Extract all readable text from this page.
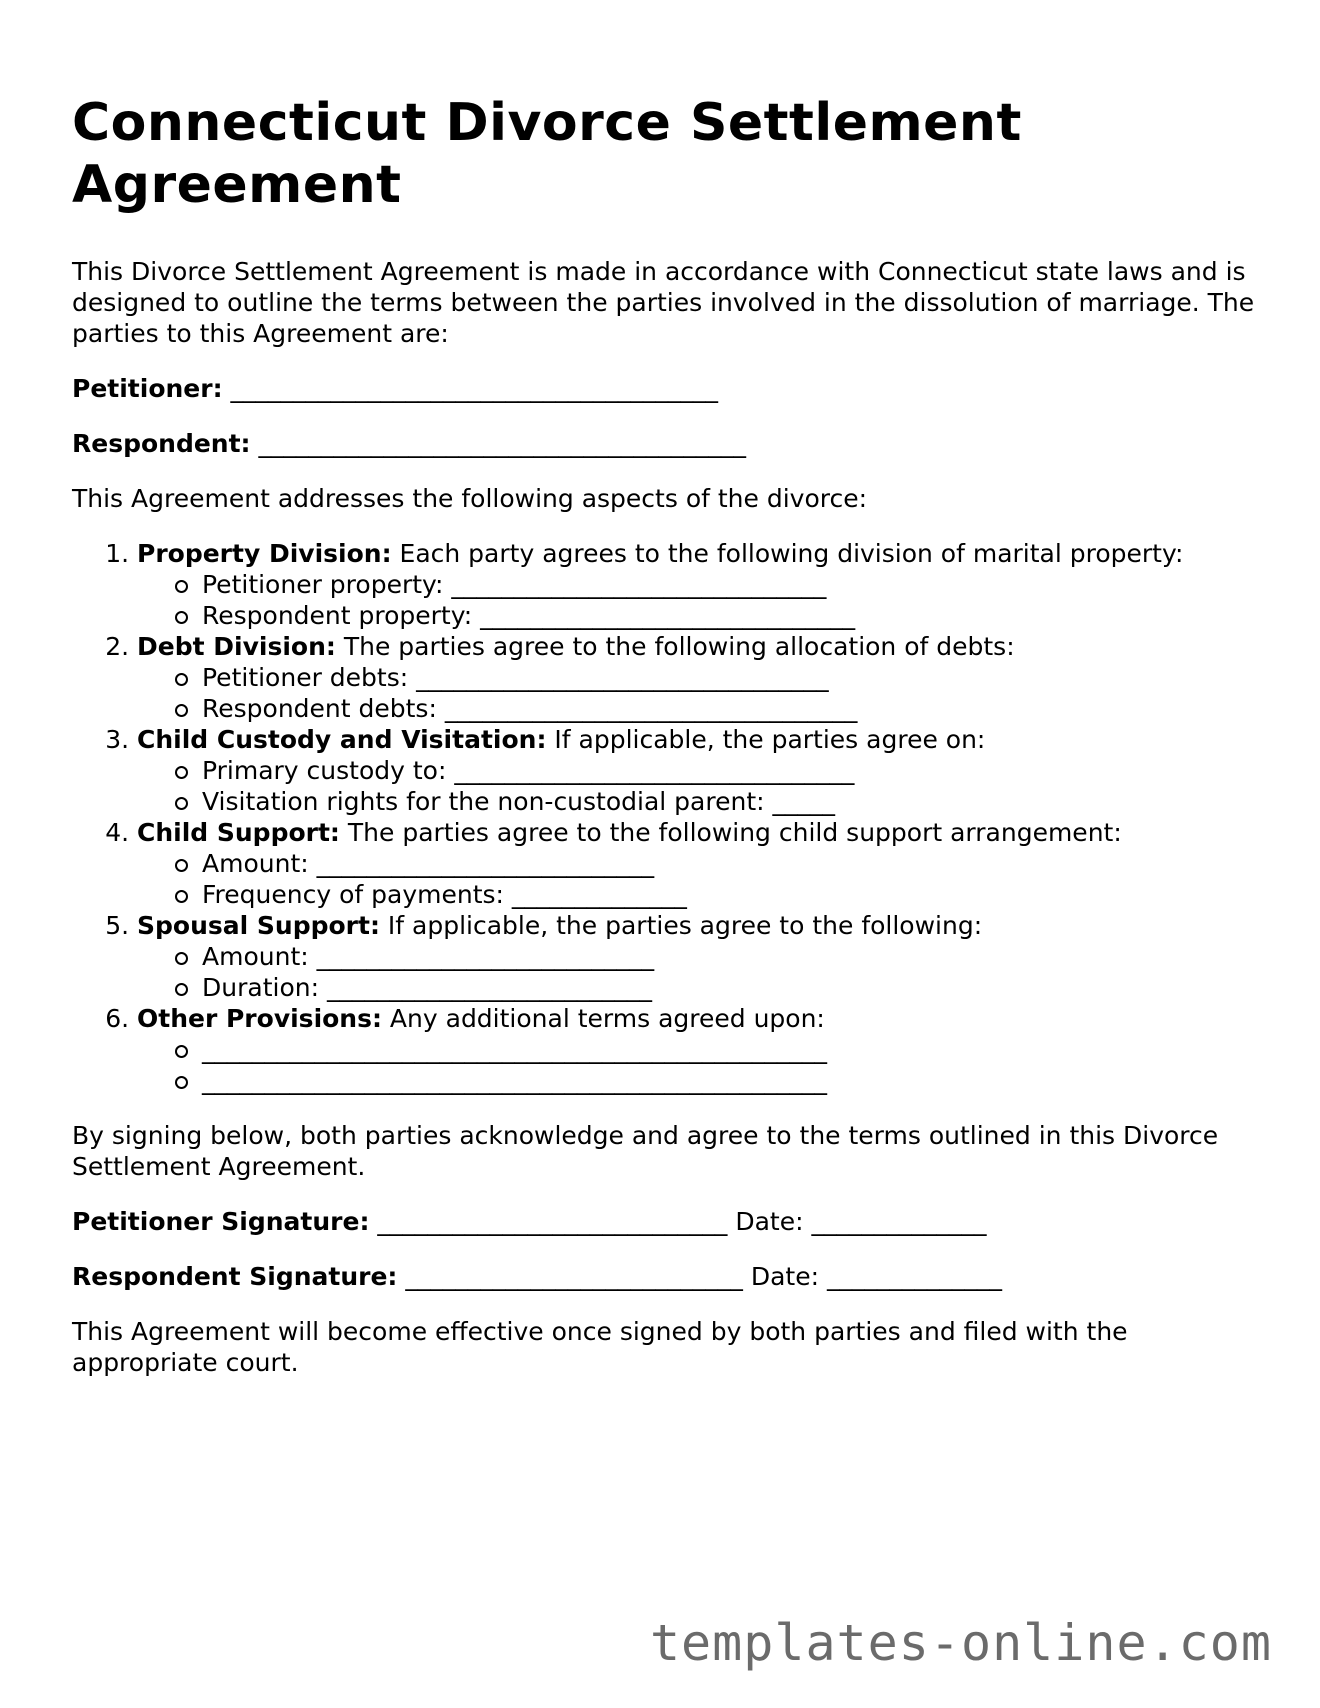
Connecticut Divorce Settlement Agreement

This Divorce Settlement Agreement is made in accordance with Connecticut state laws and is designed to outline the terms between the parties involved in the dissolution of marriage. The parties to this Agreement are:

Petitioner: _______________________________________

Respondent: _______________________________________

This Agreement addresses the following aspects of the divorce:

1. Property Division: Each party agrees to the following division of marital property:
Petitioner property: ______________________________
Respondent property: ______________________________
2. Debt Division: The parties agree to the following allocation of debts:
Petitioner debts: _________________________________
Respondent debts: _________________________________
3. Child Custody and Visitation: If applicable, the parties agree on:
Primary custody to: ________________________________
Visitation rights for the non-custodial parent: _____
4. Child Support: The parties agree to the following child support arrangement:
Amount: ___________________________
Frequency of payments: ______________
5. Spousal Support: If applicable, the parties agree to the following:
Amount: ___________________________
Duration: __________________________
6. Other Provisions: Any additional terms agreed upon:
__________________________________________________
__________________________________________________

By signing below, both parties acknowledge and agree to the terms outlined in this Divorce Settlement Agreement.

Petitioner Signature: ____________________________ Date: ______________

Respondent Signature: ___________________________ Date: ______________

This Agreement will become effective once signed by both parties and filed with the appropriate court.

templates-online.com
